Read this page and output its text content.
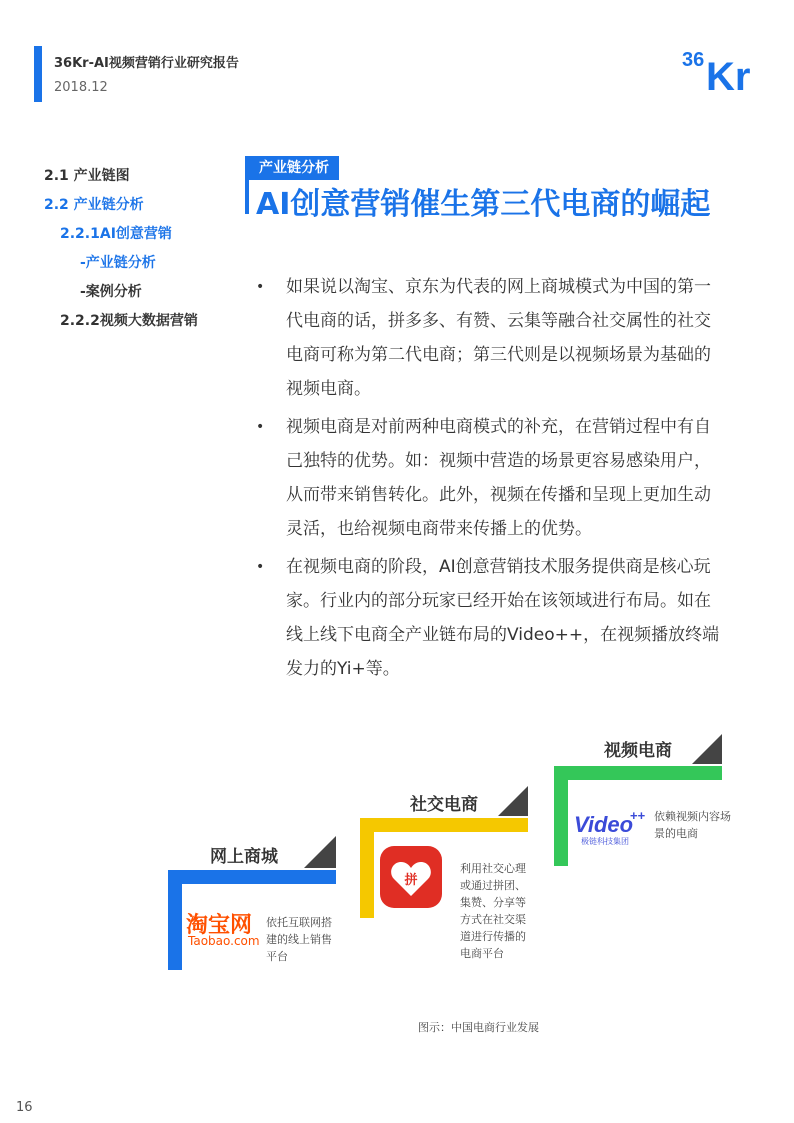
36Kr-AI视频营销行业研究报告
2018.12
36 Kr
2.1 产业链图
2.2 产业链分析
2.2.1AI创意营销
-产业链分析
-案例分析
2.2.2视频大数据营销
产业链分析
AI创意营销催生第三代电商的崛起
• 如果说以淘宝、京东为代表的网上商城模式为中国的第一代电商的话，拼多多、有赞、云集等融合社交属性的社交电商可称为第二代电商；第三代则是以视频场景为基础的视频电商。
• 视频电商是对前两种电商模式的补充，在营销过程中有自己独特的优势。如：视频中营造的场景更容易感染用户，从而带来销售转化。此外，视频在传播和呈现上更加生动灵活，也给视频电商带来传播上的优势。
• 在视频电商的阶段，AI创意营销技术服务提供商是核心玩家。行业内的部分玩家已经开始在该领域进行布局。如在线上线下电商全产业链布局的Video++，在视频播放终端发力的Yi+等。
视频电商
Video
++
极链科技集团
依赖视频内容场景的电商
社交电商
拼
利用社交心理或通过拼团、集赞、分享等方式在社交渠道进行传播的电商平台
网上商城
淘宝网
Taobao.com
依托互联网搭建的线上销售平台
图示：中国电商行业发展
16
